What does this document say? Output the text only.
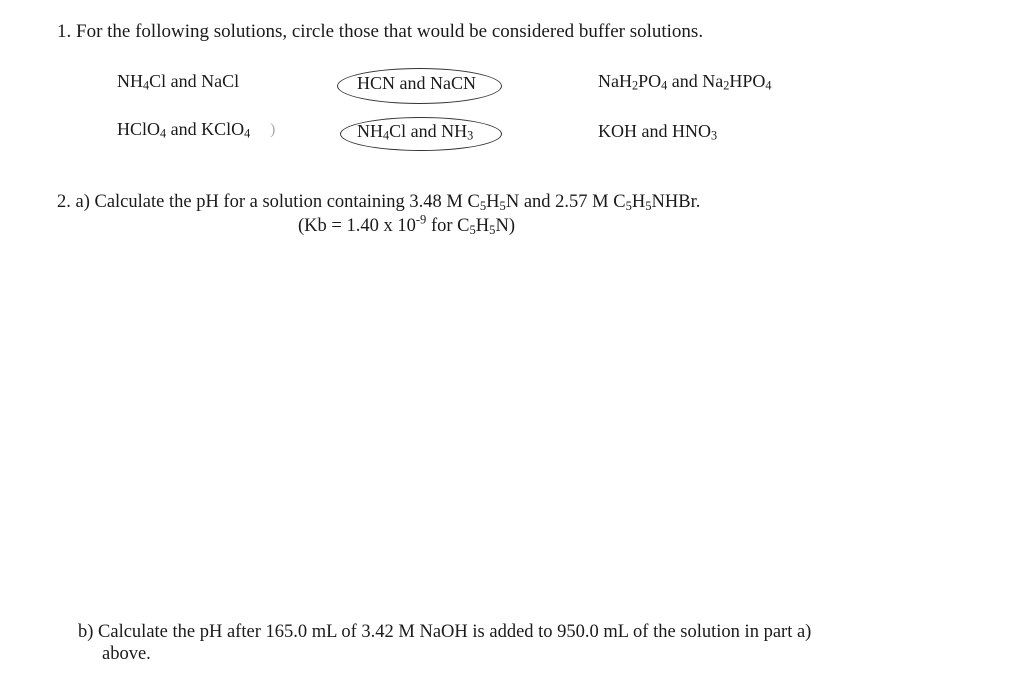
1. For the following solutions, circle those that would be considered buffer solutions.
$NH_4Cl$ and NaCl	HCN and NaCN	$NaH_2PO_4$ and $Na_2HPO_4$
HClO$_4$ and KClO$_4$ )	$NH_4Cl$ and $NH_3$	KOH and $HNO_3$
2. a) Calculate the pH for a solution containing 3.48 M $C_5H_5N$ and 2.57 M $C_5H_5NHBr$.
(Kb = 1.40 x $10^{-9}$ for $C_5H_5N$)
b) Calculate the pH after 165.0 mL of 3.42 M NaOH is added to 950.0 mL of the solution in part a)
above.
